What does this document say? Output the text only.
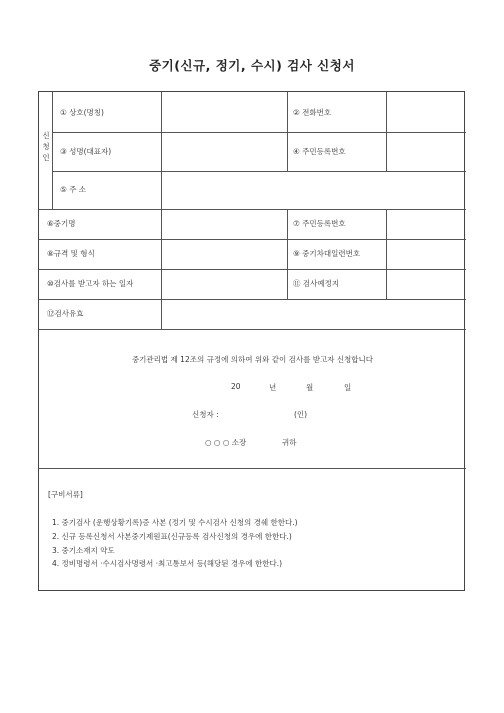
중기(신규, 정기, 수시) 검사 신청서
신
청
인
① 상호(명칭)	② 전화번호
③ 성명(대표자)	④ 주민등록번호
⑤ 주 소
⑥중기명	⑦ 주민등록번호
⑧규격 및 형식	⑨ 중기차대일련번호
⑩검사를 받고자 하는 일자	⑪ 검사예정지
⑫검사유효
중기관리법 제 12조의 규정에 의하여 위와 같이 검사를 받고자 신청합니다
20	년	월	일
신청자 :	(인)
○ ○ ○ 소장	귀하
[구비서류]
1. 중기검사 (운행상황기록)증 사본 (정기 및 수시검사 신청의 경쉐 한한다.)
2. 신규 등록신청서 사본중기제원표(신규등록 검사신청의 경우에 한한다.)
3. 중기소재지 약도
4. 정비명령서 ·수시검사명령서 ·최고통보서 등(해당된 경우에 한한다.)
